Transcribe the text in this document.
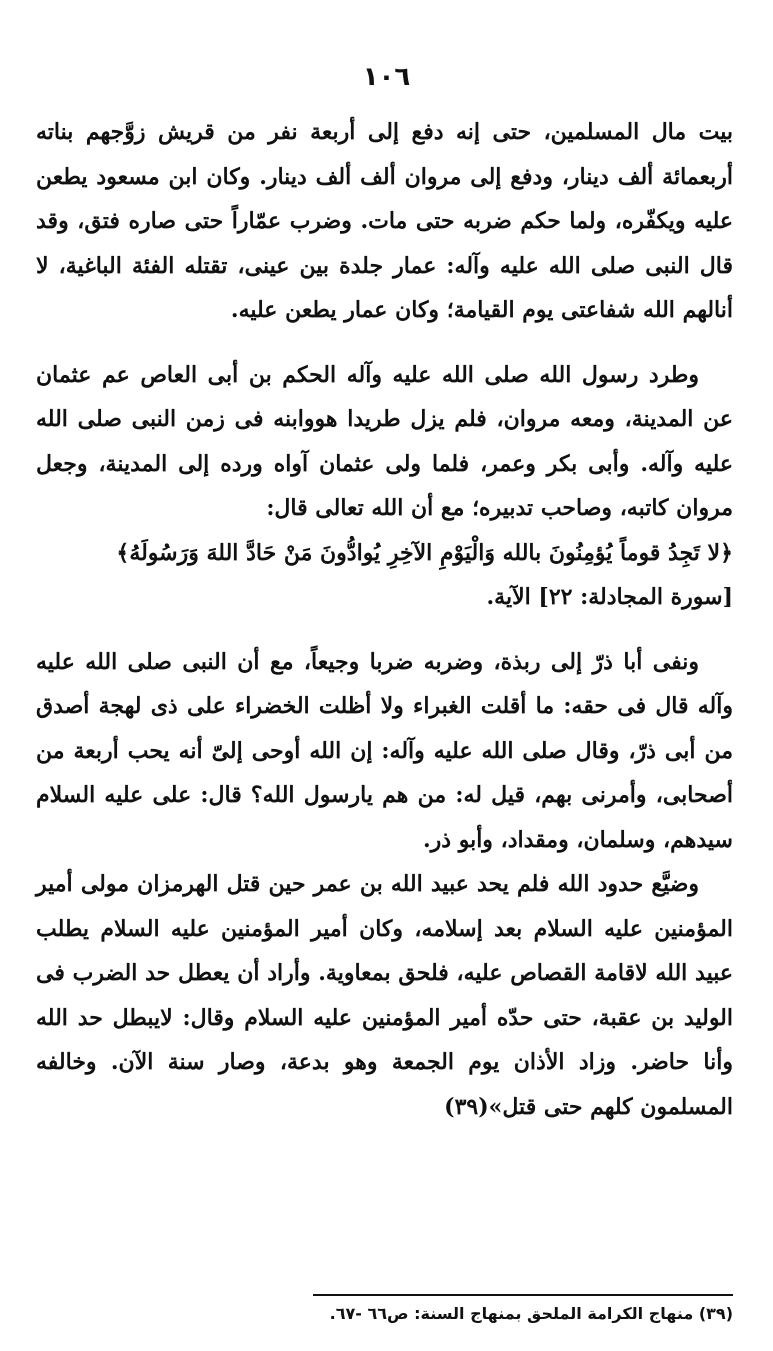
١٠٦

بيت مال المسلمين، حتى إنه دفع إلى أربعة نفر من قريش زوَّجهم بناته أربعمائة ألف دينار، ودفع إلى مروان ألف ألف دينار. وكان ابن مسعود يطعن عليه ويكفّره، ولما حكم ضربه حتى مات. وضرب عمّاراً حتى صاره فتق، وقد قال النبى صلى الله عليه وآله: عمار جلدة بين عينى، تقتله الفئة الباغية، لا أنالهم الله شفاعتى يوم القيامة؛ وكان عمار يطعن عليه.

وطرد رسول الله صلى الله عليه وآله الحكم بن أبى العاص عم عثمان عن المدينة، ومعه مروان، فلم يزل طريدا هووابنه فى زمن النبى صلى الله عليه وآله. وأبى بكر وعمر، فلما ولى عثمان آواه ورده إلى المدينة، وجعل مروان كاتبه، وصاحب تدبيره؛ مع أن الله تعالى قال:

﴿لا تَجِدُ قوماً يُؤمِنُونَ بالله وَالْيَوْمِ الآخِرِ يُوادُّونَ مَنْ حَادَّ اللهَ وَرَسُولَهُ﴾

[سورة المجادلة: ٢٢] الآية.

ونفى أبا ذرّ إلى ربذة، وضربه ضربا وجيعاً، مع أن النبى صلى الله عليه وآله قال فى حقه: ما أقلت الغبراء ولا أظلت الخضراء على ذى لهجة أصدق من أبى ذرّ، وقال صلى الله عليه وآله: إن الله أوحى إلىّ أنه يحب أربعة من أصحابى، وأمرنى بهم، قيل له: من هم يارسول الله؟ قال: على عليه السلام سيدهم، وسلمان، ومقداد، وأبو ذر.

وضيَّع حدود الله فلم يحد عبيد الله بن عمر حين قتل الهرمزان مولى أمير المؤمنين عليه السلام بعد إسلامه، وكان أمير المؤمنين عليه السلام يطلب عبيد الله لاقامة القصاص عليه، فلحق بمعاوية. وأراد أن يعطل حد الضرب فى الوليد بن عقبة، حتى حدّه أمير المؤمنين عليه السلام وقال: لايبطل حد الله وأنا حاضر. وزاد الأذان يوم الجمعة وهو بدعة، وصار سنة الآن. وخالفه المسلمون كلهم حتى قتل»(٣٩)

(٣٩) منهاج الكرامة الملحق بمنهاج السنة: ص٦٦ -٦٧.
